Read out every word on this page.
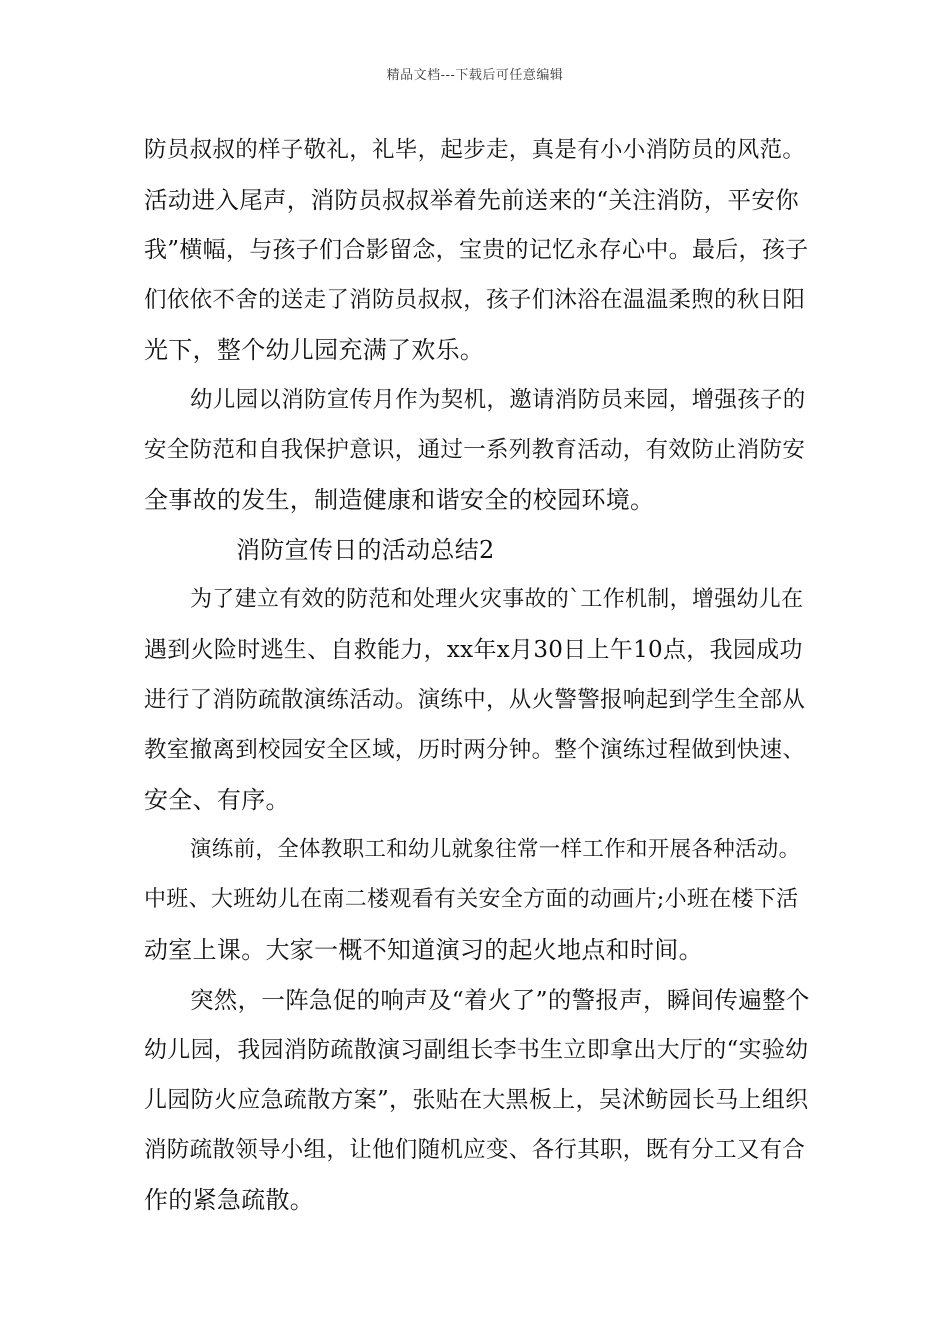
精品文档---下载后可任意编辑
防员叔叔的样子敬礼，礼毕，起步走，真是有小小消防员的风范。
活动进入尾声，消防员叔叔举着先前送来的“关注消防，平安你
我”横幅，与孩子们合影留念，宝贵的记忆永存心中。最后，孩子
们依依不舍的送走了消防员叔叔，孩子们沐浴在温温柔煦的秋日阳
光下，整个幼儿园充满了欢乐。
幼儿园以消防宣传月作为契机，邀请消防员来园，增强孩子的
安全防范和自我保护意识，通过一系列教育活动，有效防止消防安
全事故的发生，制造健康和谐安全的校园环境。
消防宣传日的活动总结2
为了建立有效的防范和处理火灾事故的`工作机制，增强幼儿在
遇到火险时逃生、自救能力，xx年x月30日上午10点，我园成功
进行了消防疏散演练活动。演练中，从火警警报响起到学生全部从
教室撤离到校园安全区域，历时两分钟。整个演练过程做到快速、
安全、有序。
演练前，全体教职工和幼儿就象往常一样工作和开展各种活动。
中班、大班幼儿在南二楼观看有关安全方面的动画片;小班在楼下活
动室上课。大家一概不知道演习的起火地点和时间。
突然，一阵急促的响声及“着火了”的警报声，瞬间传遍整个
幼儿园，我园消防疏散演习副组长李书生立即拿出大厅的“实验幼
儿园防火应急疏散方案”，张贴在大黑板上，吴沭鲂园长马上组织
消防疏散领导小组，让他们随机应变、各行其职，既有分工又有合
作的紧急疏散。
